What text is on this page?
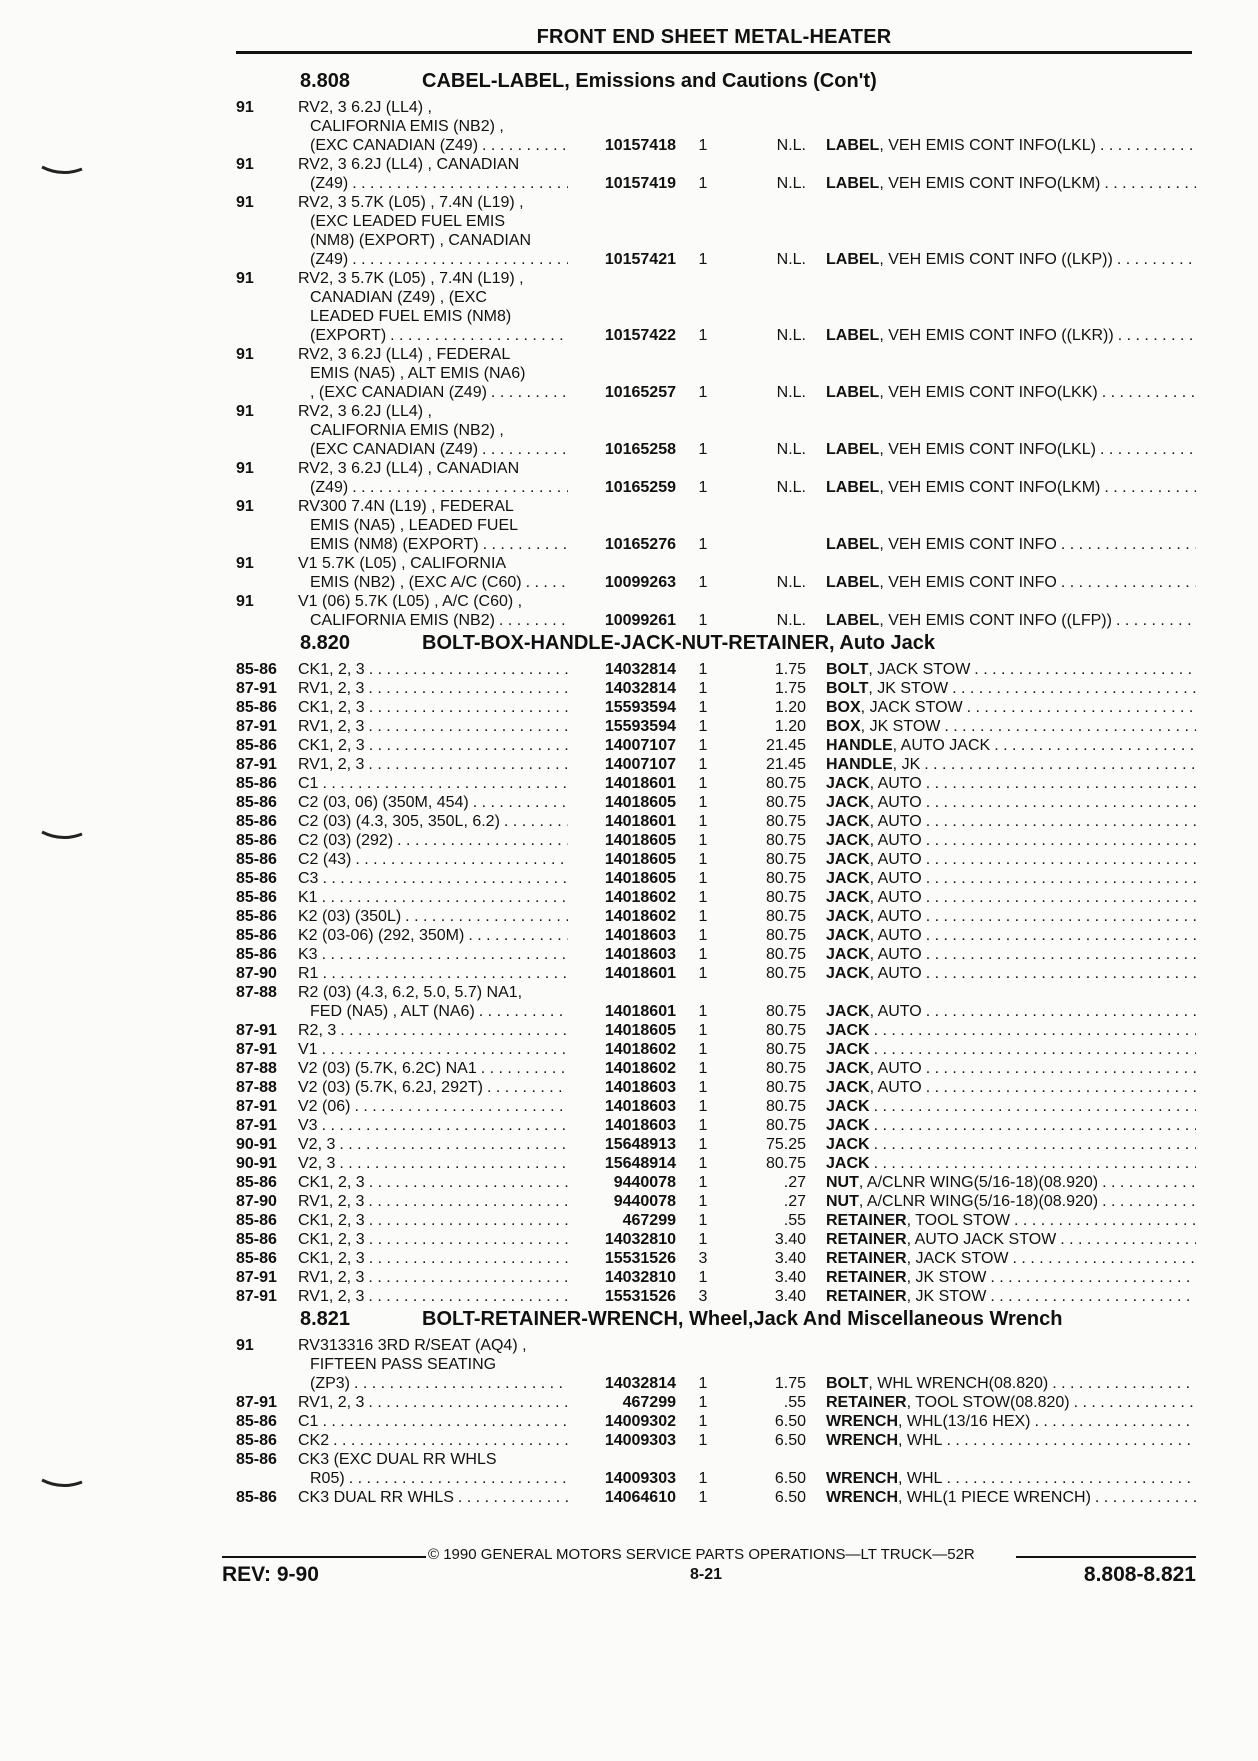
FRONT END SHEET METAL-HEATER
8.808	CABEL-LABEL, Emissions and Cautions (Con't)
91	RV2, 3 6.2J (LL4) ,
CALIFORNIA EMIS (NB2) ,
(EXC CANADIAN (Z49) . . .	10157418	1	N.L. LABEL, VEH EMIS CONT INFO(LKL)
. . .
91	RV2, 3 6.2J (LL4) , CANADIAN
(Z49) . . .	10157419	1	N.L. LABEL, VEH EMIS CONT INFO(LKM)
. . .
91	RV2, 3 5.7K (L05) , 7.4N (L19) ,
(EXC LEADED FUEL EMIS
(NM8) (EXPORT) , CANADIAN
(Z49) . . .	10157421	1	N.L. LABEL, VEH EMIS CONT INFO ((LKP))
. . .
91	RV2, 3 5.7K (L05) , 7.4N (L19) ,
CANADIAN (Z49) , (EXC
LEADED FUEL EMIS (NM8)
(EXPORT) . . .	10157422	1	N.L. LABEL, VEH EMIS CONT INFO ((LKR))
. . .
91	RV2, 3 6.2J (LL4) , FEDERAL
EMIS (NA5) , ALT EMIS (NA6)
, (EXC CANADIAN (Z49) . . .	10165257	1	N.L. LABEL, VEH EMIS CONT INFO(LKK)
. . .
91	RV2, 3 6.2J (LL4) ,
CALIFORNIA EMIS (NB2) ,
(EXC CANADIAN (Z49) . . .	10165258	1	N.L. LABEL, VEH EMIS CONT INFO(LKL)
. . .
91	RV2, 3 6.2J (LL4) , CANADIAN
(Z49) . . .	10165259	1	N.L. LABEL, VEH EMIS CONT INFO(LKM)
. . .
91	RV300 7.4N (L19) , FEDERAL
EMIS (NA5) , LEADED FUEL
EMIS (NM8) (EXPORT) . . .	10165276	1	LABEL, VEH EMIS CONT INFO
. . .
91	V1 5.7K (L05) , CALIFORNIA
EMIS (NB2) , (EXC A/C (C60) . . .	10099263	1	N.L. LABEL, VEH EMIS CONT INFO
. . .
91	V1 (06) 5.7K (L05) , A/C (C60) ,
CALIFORNIA EMIS (NB2) . . .	10099261	1	N.L. LABEL, VEH EMIS CONT INFO ((LFP))
. . .
8.820	BOLT-BOX-HANDLE-JACK-NUT-RETAINER, Auto Jack
85-86	CK1, 2, 3 . . .	14032814	1	1.75 BOLT, JACK STOW
. . .
87-91	RV1, 2, 3 . . .	14032814	1	1.75 BOLT, JK STOW
. . .
85-86	CK1, 2, 3 . . .	15593594	1	1.20 BOX, JACK STOW
. . .
87-91	RV1, 2, 3 . . .	15593594	1	1.20 BOX, JK STOW
. . .
85-86	CK1, 2, 3 . . .	14007107	1	21.45 HANDLE, AUTO JACK
. . .
87-91	RV1, 2, 3 . . .	14007107	1	21.45 HANDLE, JK
. . .
85-86	C1 . . .	14018601	1	80.75 JACK, AUTO
. . .
85-86	C2 (03, 06) (350M, 454) . . .	14018605	1	80.75 JACK, AUTO
. . .
85-86	C2 (03) (4.3, 305, 350L, 6.2) . . .	14018601	1	80.75 JACK, AUTO
. . .
85-86	C2 (03) (292) . . .	14018605	1	80.75 JACK, AUTO
. . .
85-86	C2 (43) . . .	14018605	1	80.75 JACK, AUTO
. . .
85-86	C3 . . .	14018605	1	80.75 JACK, AUTO
. . .
85-86	K1 . . .	14018602	1	80.75 JACK, AUTO
. . .
85-86	K2 (03) (350L) . . .	14018602	1	80.75 JACK, AUTO
. . .
85-86	K2 (03-06) (292, 350M) . . .	14018603	1	80.75 JACK, AUTO
. . .
85-86	K3 . . .	14018603	1	80.75 JACK, AUTO
. . .
87-90	R1 . . .	14018601	1	80.75 JACK, AUTO
. . .
87-88	R2 (03) (4.3, 6.2, 5.0, 5.7) NA1,
FED (NA5) , ALT (NA6) . . .	14018601	1	80.75 JACK, AUTO
. . .
87-91	R2, 3 . . .	14018605	1	80.75 JACK
. . .
87-91	V1 . . .	14018602	1	80.75 JACK
. . .
87-88	V2 (03) (5.7K, 6.2C) NA1 . . .	14018602	1	80.75 JACK, AUTO
. . .
87-88	V2 (03) (5.7K, 6.2J, 292T) . . .	14018603	1	80.75 JACK, AUTO
. . .
87-91	V2 (06) . . .	14018603	1	80.75 JACK
. . .
87-91	V3 . . .	14018603	1	80.75 JACK
. . .
90-91	V2, 3 . . .	15648913	1	75.25 JACK
. . .
90-91	V2, 3 . . .	15648914	1	80.75 JACK
. . .
85-86	CK1, 2, 3 . . .	9440078	1	.27 NUT, A/CLNR WING(5/16-18)(08.920)
. . .
87-90	RV1, 2, 3 . . .	9440078	1	.27 NUT, A/CLNR WING(5/16-18)(08.920)
. . .
85-86	CK1, 2, 3 . . .	467299	1	.55 RETAINER, TOOL STOW
. . .
85-86	CK1, 2, 3 . . .	14032810	1	3.40 RETAINER, AUTO JACK STOW
. . .
85-86	CK1, 2, 3 . . .	15531526	3	3.40 RETAINER, JACK STOW
. . .
87-91	RV1, 2, 3 . . .	14032810	1	3.40 RETAINER, JK STOW
. . .
87-91	RV1, 2, 3 . . .	15531526	3	3.40 RETAINER, JK STOW
. . .
8.821	BOLT-RETAINER-WRENCH, Wheel,Jack And Miscellaneous Wrench
91	RV313316 3RD R/SEAT (AQ4) ,
FIFTEEN PASS SEATING
(ZP3) . . .	14032814	1	1.75 BOLT, WHL WRENCH(08.820)
. . .
87-91	RV1, 2, 3 . . .	467299	1	.55 RETAINER, TOOL STOW(08.820)
. . .
85-86	C1 . . .	14009302	1	6.50 WRENCH, WHL(13/16 HEX)
. . .
85-86	CK2 . . .	14009303	1	6.50 WRENCH, WHL
. . .
85-86	CK3 (EXC DUAL RR WHLS
R05) . . .	14009303	1	6.50 WRENCH, WHL
. . .
85-86	CK3 DUAL RR WHLS . . .	14064610	1	6.50 WRENCH, WHL(1 PIECE WRENCH)
. . .
© 1990 GENERAL MOTORS SERVICE PARTS OPERATIONS—LT TRUCK—52R
REV: 9-90	8-21	8.808-8.821
